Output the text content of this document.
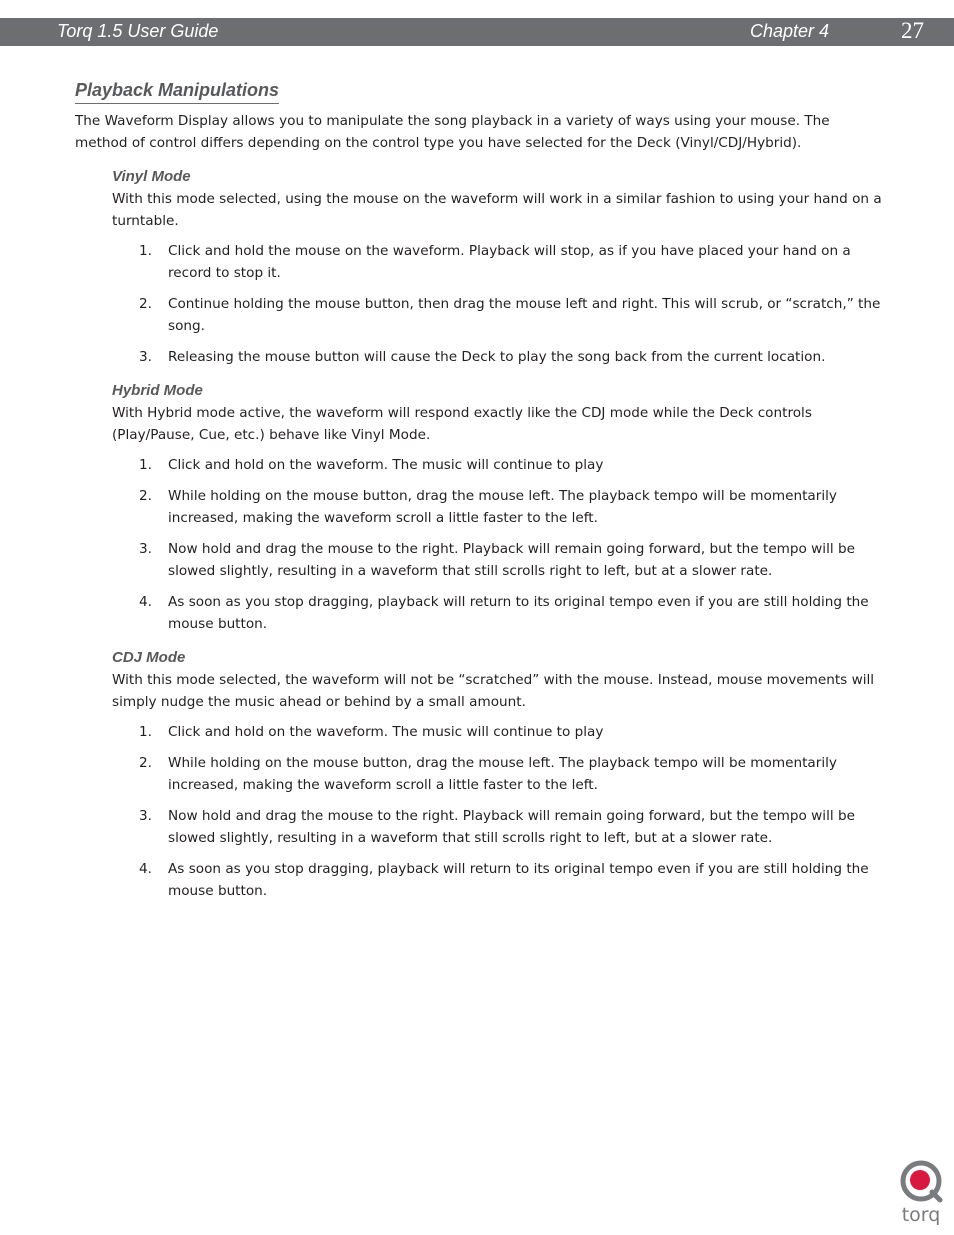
Torq 1.5 User Guide	Chapter 4	27
Playback Manipulations

The Waveform Display allows you to manipulate the song playback in a variety of ways using your mouse. The method of control differs depending on the control type you have selected for the Deck (Vinyl/CDJ/Hybrid).

Vinyl Mode

With this mode selected, using the mouse on the waveform will work in a similar fashion to using your hand on a turntable.

1. Click and hold the mouse on the waveform. Playback will stop, as if you have placed your hand on a record to stop it.
2. Continue holding the mouse button, then drag the mouse left and right. This will scrub, or “scratch,” the song.
3. Releasing the mouse button will cause the Deck to play the song back from the current location.
Hybrid Mode

With Hybrid mode active, the waveform will respond exactly like the CDJ mode while the Deck controls (Play/Pause, Cue, etc.) behave like Vinyl Mode.

1. Click and hold on the waveform. The music will continue to play
2. While holding on the mouse button, drag the mouse left. The playback tempo will be momentarily increased, making the waveform scroll a little faster to the left.
3. Now hold and drag the mouse to the right. Playback will remain going forward, but the tempo will be slowed slightly, resulting in a waveform that still scrolls right to left, but at a slower rate.
4. As soon as you stop dragging, playback will return to its original tempo even if you are still holding the mouse button.
CDJ Mode

With this mode selected, the waveform will not be “scratched” with the mouse. Instead, mouse movements will simply nudge the music ahead or behind by a small amount.

1. Click and hold on the waveform. The music will continue to play
2. While holding on the mouse button, drag the mouse left. The playback tempo will be momentarily increased, making the waveform scroll a little faster to the left.
3. Now hold and drag the mouse to the right. Playback will remain going forward, but the tempo will be slowed slightly, resulting in a waveform that still scrolls right to left, but at a slower rate.
4. As soon as you stop dragging, playback will return to its original tempo even if you are still holding the mouse button.
torq
